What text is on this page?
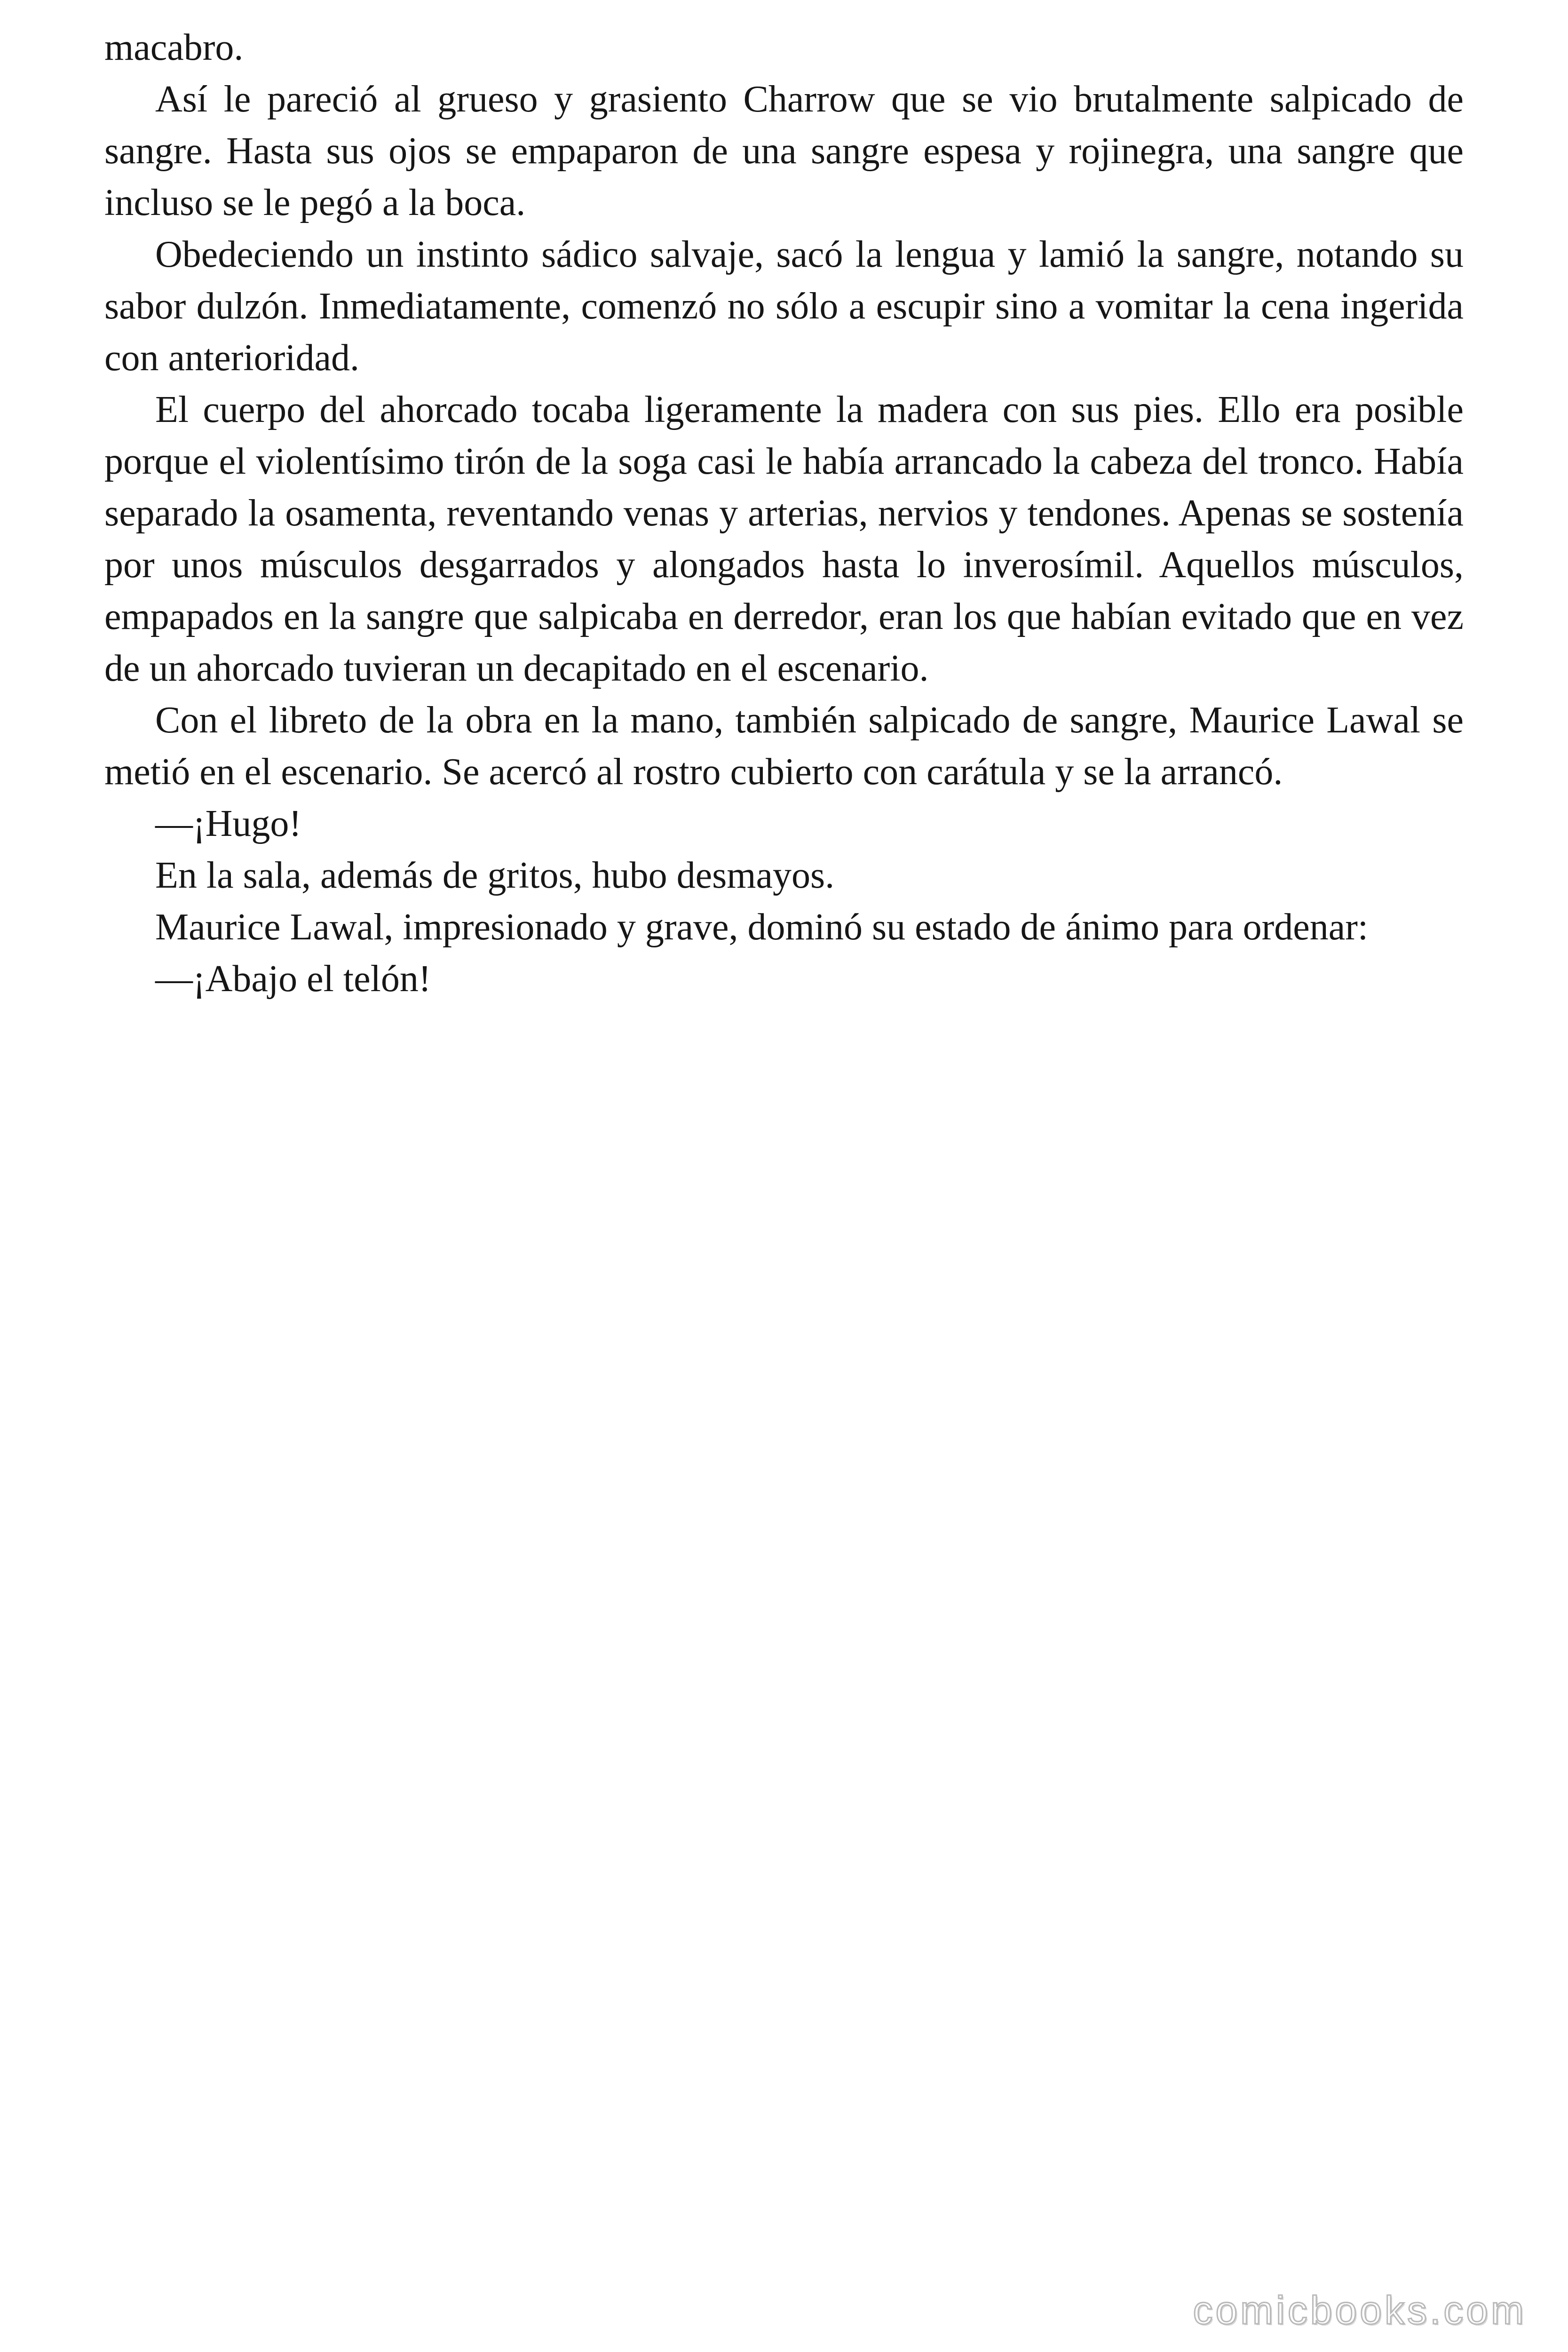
macabro.

Así le pareció al grueso y grasiento Charrow que se vio brutalmente salpicado de sangre. Hasta sus ojos se empaparon de una sangre espesa y rojinegra, una sangre que incluso se le pegó a la boca.

Obedeciendo un instinto sádico salvaje, sacó la lengua y lamió la sangre, notando su sabor dulzón. Inmediatamente, comenzó no sólo a escupir sino a vomitar la cena ingerida con anterioridad.

El cuerpo del ahorcado tocaba ligeramente la madera con sus pies. Ello era posible porque el violentísimo tirón de la soga casi le había arrancado la cabeza del tronco. Había separado la osamenta, reventando venas y arterias, nervios y tendones. Apenas se sostenía por unos músculos desgarrados y alongados hasta lo inverosímil. Aquellos músculos, empapados en la sangre que salpicaba en derredor, eran los que habían evitado que en vez de un ahorcado tuvieran un decapitado en el escenario.

Con el libreto de la obra en la mano, también salpicado de sangre, Maurice Lawal se metió en el escenario. Se acercó al rostro cubierto con carátula y se la arrancó.

—¡Hugo!

En la sala, además de gritos, hubo desmayos.

Maurice Lawal, impresionado y grave, dominó su estado de ánimo para ordenar:

—¡Abajo el telón!

comicbooks.com
